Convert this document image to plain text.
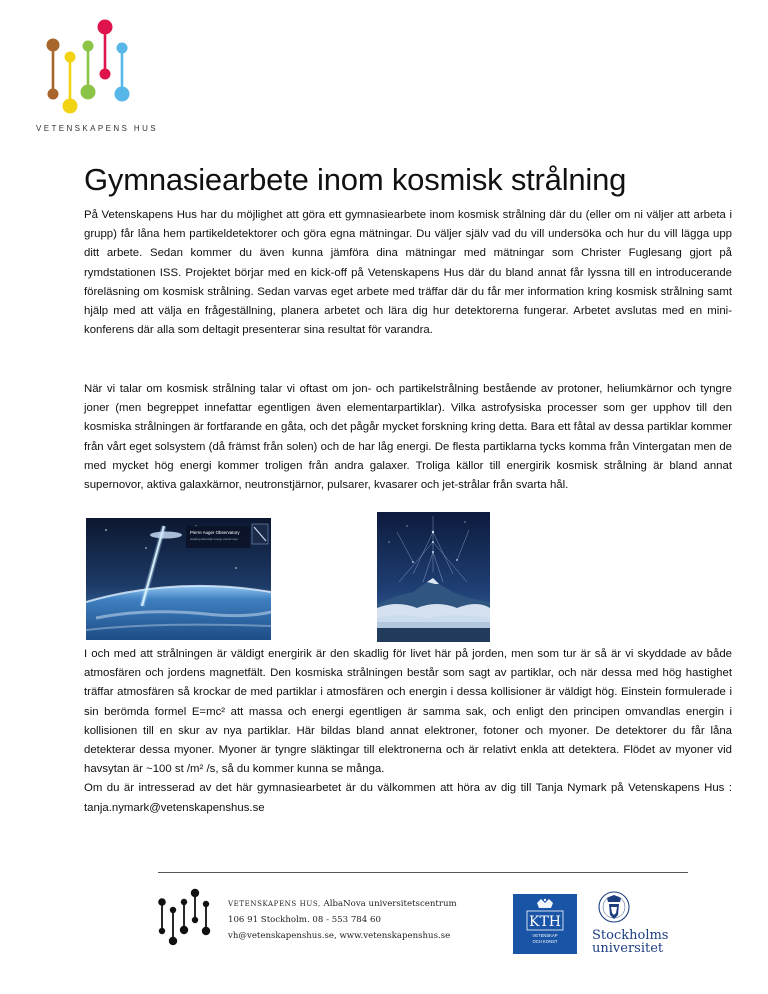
VETENSKAPENS HUS
Gymnasiearbete inom kosmisk strålning

På Vetenskapens Hus har du möjlighet att göra ett gymnasiearbete inom kosmisk strålning där du (eller om ni väljer att arbeta i grupp) får låna hem partikeldetektorer och göra egna mätningar. Du väljer själv vad du vill undersöka och hur du vill lägga upp ditt arbete. Sedan kommer du även kunna jämföra dina mätningar med mätningar som Christer Fuglesang gjort på rymdstationen ISS. Projektet börjar med en kick-off på Vetenskapens Hus där du bland annat får lyssna till en introducerande föreläsning om kosmisk strålning. Sedan varvas eget arbete med träffar där du får mer information kring kosmisk strålning samt hjälp med att välja en frågeställning, planera arbetet och lära dig hur detektorerna fungerar. Arbetet avslutas med en mini-konferens där alla som deltagit presenterar sina resultat för varandra.

När vi talar om kosmisk strålning talar vi oftast om jon- och partikelstrålning bestående av protoner, heliumkärnor och tyngre joner (men begreppet innefattar egentligen även elementarpartiklar). Vilka astrofysiska processer som ger upphov till den kosmiska strålningen är fortfarande en gåta, och det pågår mycket forskning kring detta. Bara ett fåtal av dessa partiklar kommer från vårt eget solsystem (då främst från solen) och de har låg energi. De flesta partiklarna tycks komma från Vintergatan men de med mycket hög energi kommer troligen från andra galaxer. Troliga källor till energirik kosmisk strålning är bland annat supernovor, aktiva galaxkärnor, neutronstjärnor, pulsarer, kvasarer och jet-strålar från svarta hål.

Pierre Auger Observatory
studying ultra-high energy cosmic rays

I och med att strålningen är väldigt energirik är den skadlig för livet här på jorden, men som tur är så är vi skyddade av både atmosfären och jordens magnetfält. Den kosmiska strålningen består som sagt av partiklar, och när dessa med hög hastighet träffar atmosfären så krockar de med partiklar i atmosfären och energin i dessa kollisioner är väldigt hög. Einstein formulerade i sin berömda formel E=mc² att massa och energi egentligen är samma sak, och enligt den principen omvandlas energin i kollisionen till en skur av nya partiklar. Här bildas bland annat elektroner, fotoner och myoner. De detektorer du får låna detekterar dessa myoner. Myoner är tyngre släktingar till elektronerna och är relativt enkla att detektera. Flödet av myoner vid havsytan är ~100 st /m² /s, så du kommer kunna se många.
Om du är intresserad av det här gymnasiearbetet är du välkommen att höra av dig till Tanja Nymark på Vetenskapens Hus : tanja.nymark@vetenskapenshus.se

VETENSKAPENS HUS, AlbaNova universitetscentrum
106 91 Stockholm. 08 - 553 784 60
vh@vetenskapenshus.se, www.vetenskapenshus.se
KTH
VETENSKAP
OCH KONST	Stockholms
universitet
